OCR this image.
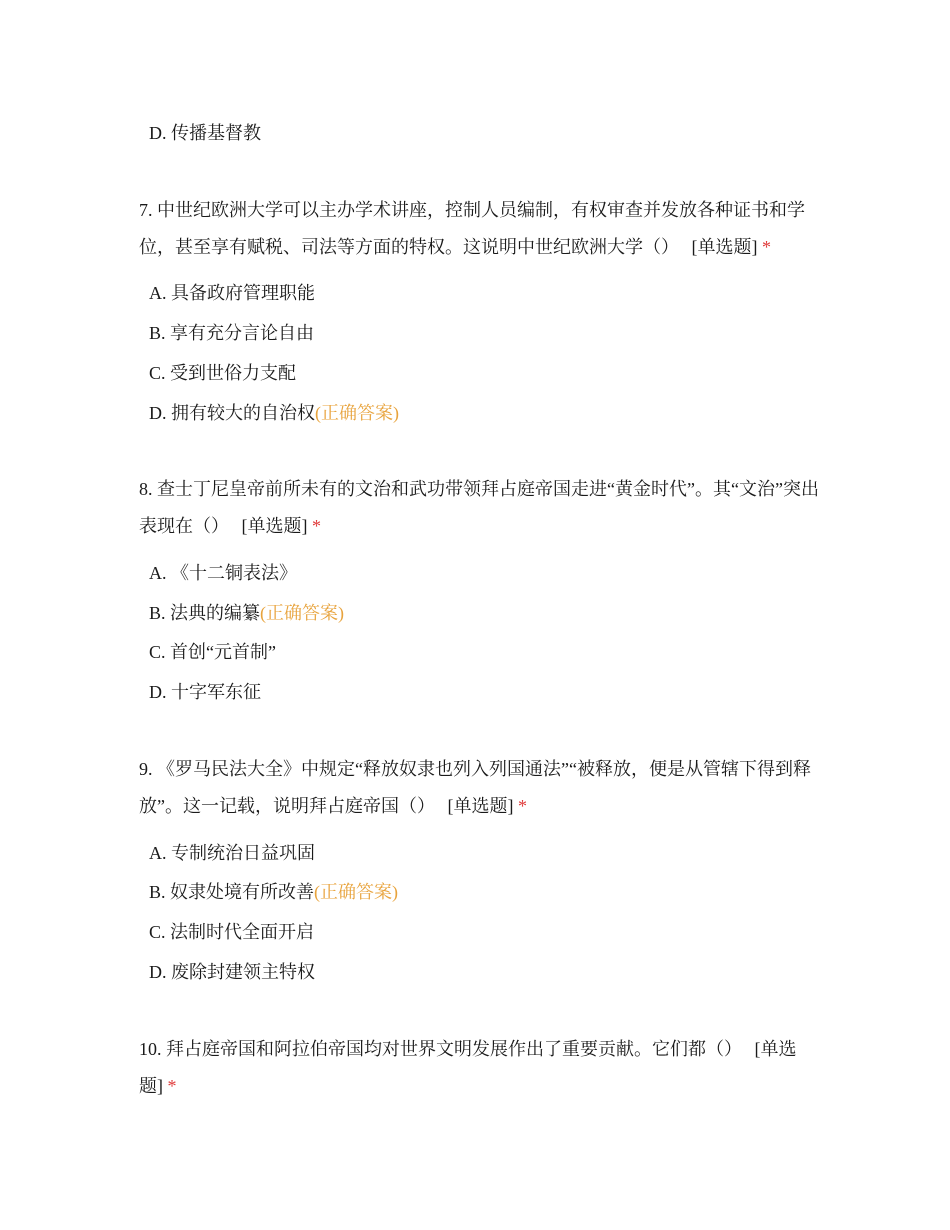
D. 传播基督教
7. 中世纪欧洲大学可以主办学术讲座，控制人员编制，有权审查并发放各种证书和学位，甚至享有赋税、司法等方面的特权。这说明中世纪欧洲大学（） [单选题] *
A. 具备政府管理职能
B. 享有充分言论自由
C. 受到世俗力支配
D. 拥有较大的自治权(正确答案)
8. 查士丁尼皇帝前所未有的文治和武功带领拜占庭帝国走进“黄金时代”。其“文治”突出表现在（） [单选题] *
A. 《十二铜表法》
B. 法典的编纂(正确答案)
C. 首创“元首制”
D. 十字军东征
9. 《罗马民法大全》中规定“释放奴隶也列入列国通法”“被释放，便是从管辖下得到释放”。这一记载，说明拜占庭帝国（） [单选题] *
A. 专制统治日益巩固
B. 奴隶处境有所改善(正确答案)
C. 法制时代全面开启
D. 废除封建领主特权
10. 拜占庭帝国和阿拉伯帝国均对世界文明发展作出了重要贡献。它们都（） [单选题] *
